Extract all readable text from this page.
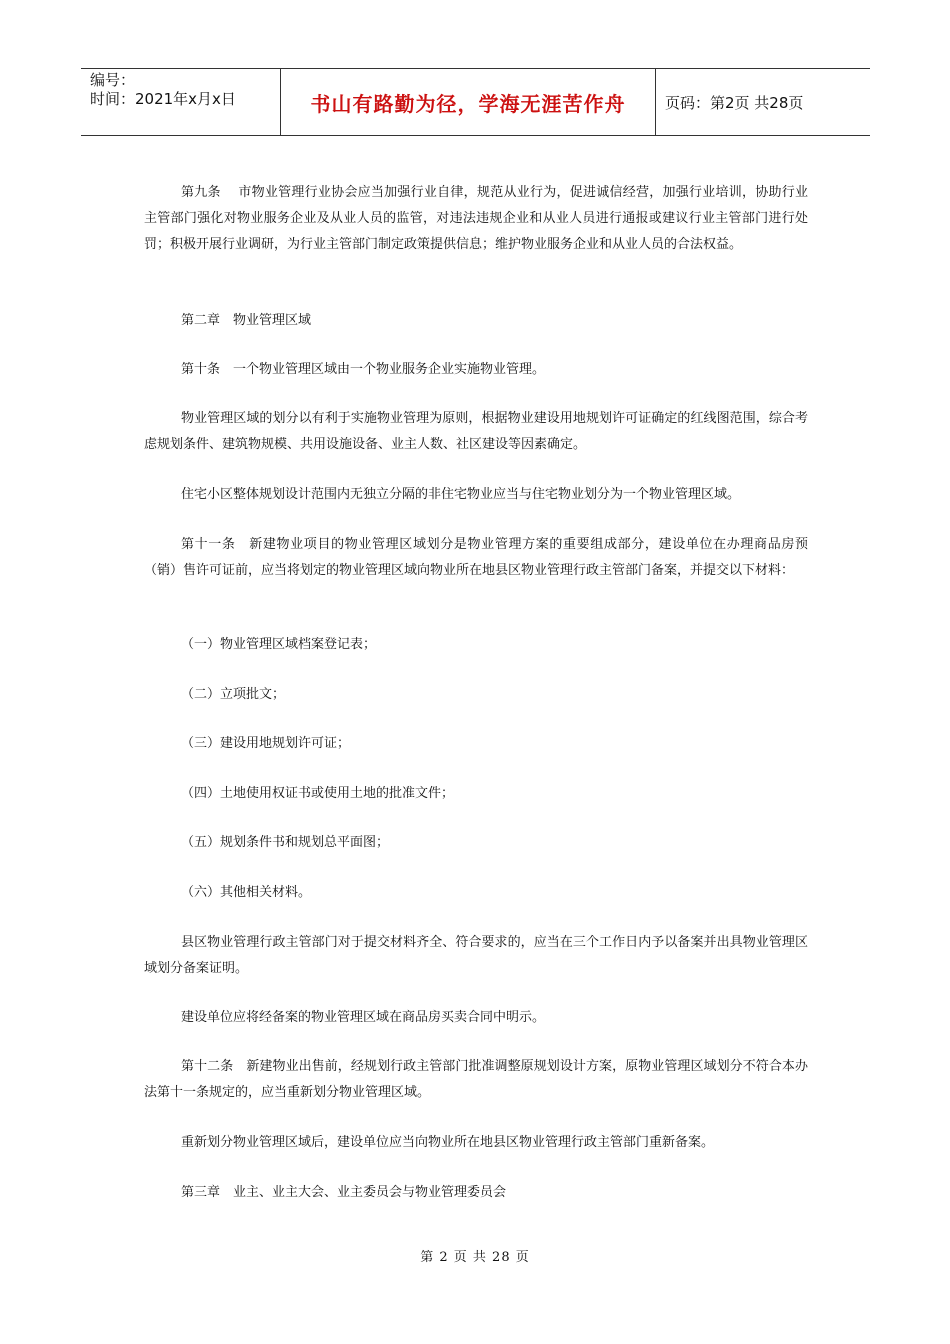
编号：
时间：2021年x月x日	书山有路勤为径，学海无涯苦作舟	页码：第2页 共28页

第九条　 市物业管理行业协会应当加强行业自律，规范从业行为，促进诚信经营，加强行业培训，协助行业主管部门强化对物业服务企业及从业人员的监管，对违法违规企业和从业人员进行通报或建议行业主管部门进行处罚；积极开展行业调研，为行业主管部门制定政策提供信息；维护物业服务企业和从业人员的合法权益。

第二章　物业管理区域

第十条　一个物业管理区域由一个物业服务企业实施物业管理。

物业管理区域的划分以有利于实施物业管理为原则，根据物业建设用地规划许可证确定的红线图范围，综合考虑规划条件、建筑物规模、共用设施设备、业主人数、社区建设等因素确定。

住宅小区整体规划设计范围内无独立分隔的非住宅物业应当与住宅物业划分为一个物业管理区域。

第十一条　新建物业项目的物业管理区域划分是物业管理方案的重要组成部分，建设单位在办理商品房预（销）售许可证前，应当将划定的物业管理区域向物业所在地县区物业管理行政主管部门备案，并提交以下材料：

（一）物业管理区域档案登记表；

（二）立项批文；

（三）建设用地规划许可证；

（四）土地使用权证书或使用土地的批准文件；

（五）规划条件书和规划总平面图；

（六）其他相关材料。

县区物业管理行政主管部门对于提交材料齐全、符合要求的，应当在三个工作日内予以备案并出具物业管理区域划分备案证明。

建设单位应将经备案的物业管理区域在商品房买卖合同中明示。

第十二条　新建物业出售前，经规划行政主管部门批准调整原规划设计方案，原物业管理区域划分不符合本办法第十一条规定的，应当重新划分物业管理区域。

重新划分物业管理区域后，建设单位应当向物业所在地县区物业管理行政主管部门重新备案。

第三章　业主、业主大会、业主委员会与物业管理委员会

第 2 页 共 28 页
